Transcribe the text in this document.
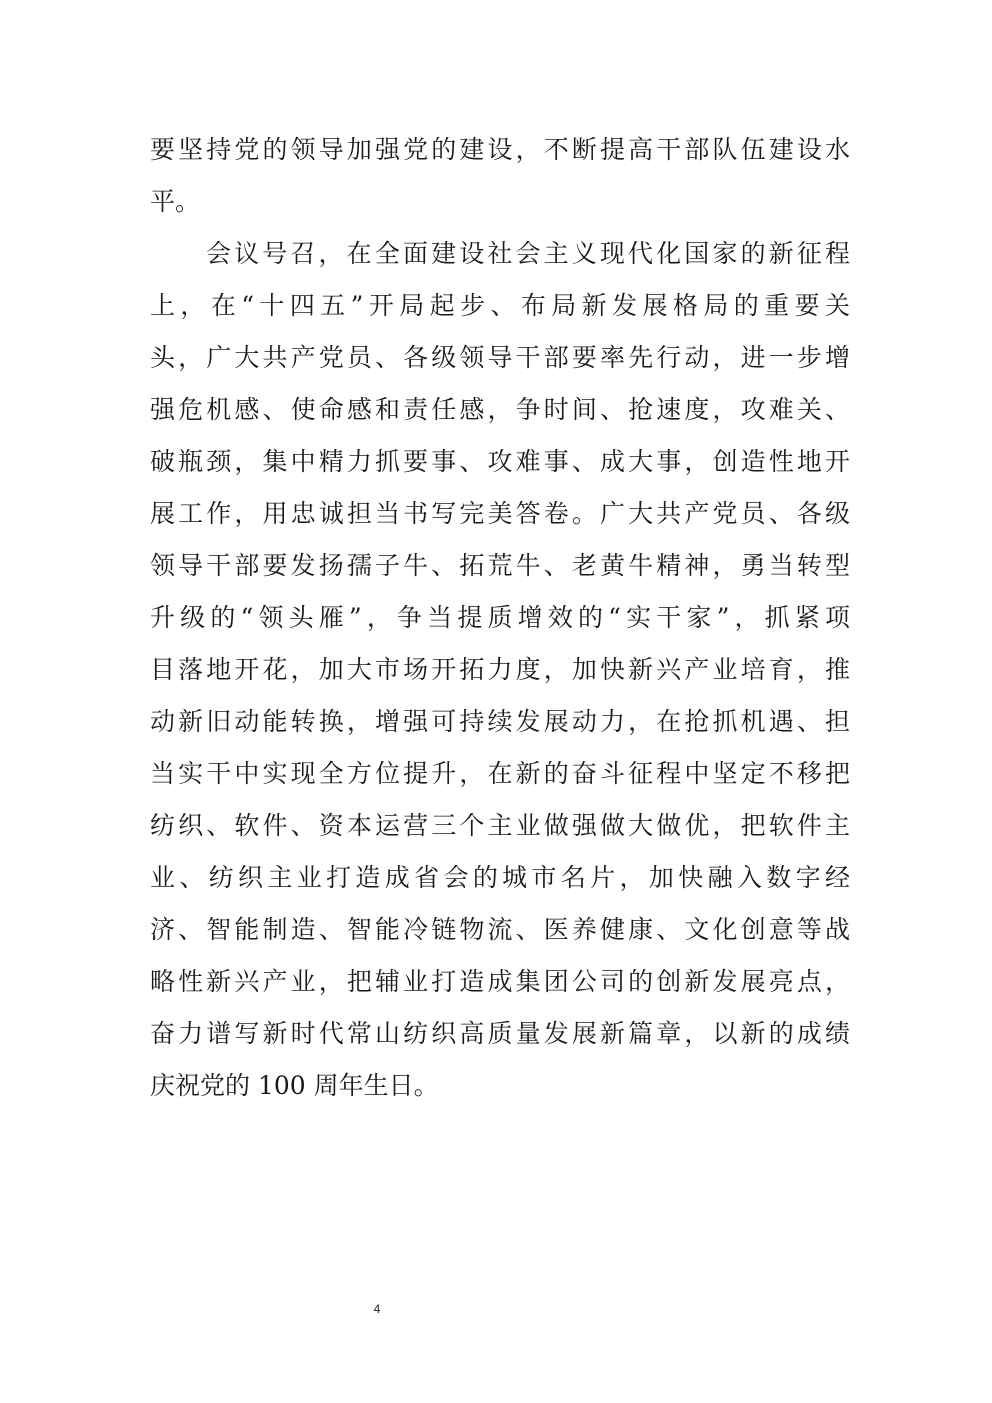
要坚持党的领导加强党的建设，不断提高干部队伍建设水
平。
会议号召，在全面建设社会主义现代化国家的新征程
上，在“十四五”开局起步、布局新发展格局的重要关
头，广大共产党员、各级领导干部要率先行动，进一步增
强危机感、使命感和责任感，争时间、抢速度，攻难关、
破瓶颈，集中精力抓要事、攻难事、成大事，创造性地开
展工作，用忠诚担当书写完美答卷。广大共产党员、各级
领导干部要发扬孺子牛、拓荒牛、老黄牛精神，勇当转型
升级的“领头雁”，争当提质增效的“实干家”，抓紧项
目落地开花，加大市场开拓力度，加快新兴产业培育，推
动新旧动能转换，增强可持续发展动力，在抢抓机遇、担
当实干中实现全方位提升，在新的奋斗征程中坚定不移把
纺织、软件、资本运营三个主业做强做大做优，把软件主
业、纺织主业打造成省会的城市名片，加快融入数字经
济、智能制造、智能冷链物流、医养健康、文化创意等战
略性新兴产业，把辅业打造成集团公司的创新发展亮点，
奋力谱写新时代常山纺织高质量发展新篇章，以新的成绩
庆祝党的 100 周年生日。
4
